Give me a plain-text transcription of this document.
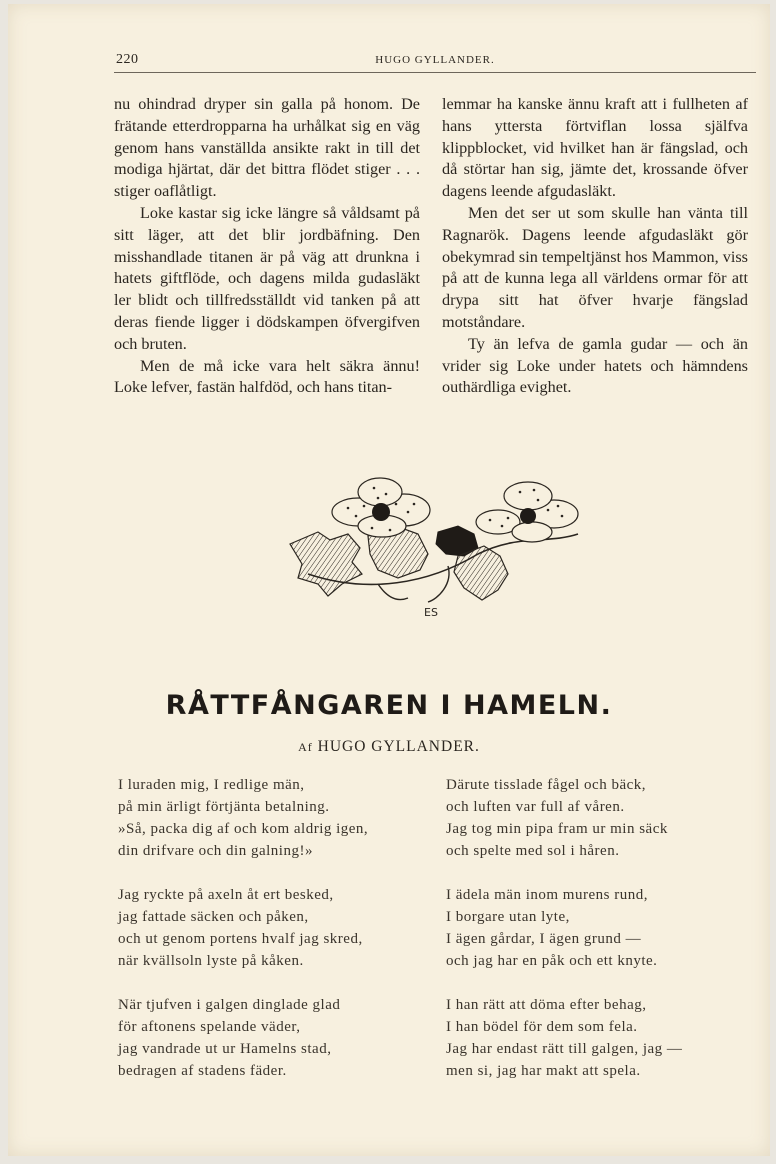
220	HUGO GYLLANDER.

nu ohindrad dryper sin galla på honom. De frätande etterdropparna ha urhålkat sig en väg genom hans vanställda ansikte rakt in till det modiga hjärtat, där det bittra flödet stiger . . . stiger oaflåtligt.

Loke kastar sig icke längre så våldsamt på sitt läger, att det blir jordbäfning. Den misshandlade titanen är på väg att drunkna i hatets giftflöde, och dagens milda gudasläkt ler blidt och tillfredsställdt vid tanken på att deras fiende ligger i dödskampen öfvergifven och bruten.

Men de må icke vara helt säkra ännu! Loke lefver, fastän halfdöd, och hans titan-

lemmar ha kanske ännu kraft att i fullheten af hans yttersta förtviflan lossa själfva klippblocket, vid hvilket han är fängslad, och då störtar han sig, jämte det, krossande öfver dagens leende afgudasläkt.

Men det ser ut som skulle han vänta till Ragnarök. Dagens leende afgudasläkt gör obekymrad sin tempeltjänst hos Mammon, viss på att de kunna lega all världens ormar för att drypa sitt hat öfver hvarje fängslad motståndare.

Ty än lefva de gamla gudar — och än vrider sig Loke under hatets och hämndens outhärdliga evighet.

ES
RÅTTFÅNGAREN I HAMELN.
Af HUGO GYLLANDER.
I luraden mig, I redlige män,
på min ärligt förtjänta betalning.
»Så, packa dig af och kom aldrig igen,
din drifvare och din galning!»
Jag ryckte på axeln åt ert besked,
jag fattade säcken och påken,
och ut genom portens hvalf jag skred,
när kvällsoln lyste på kåken.
När tjufven i galgen dinglade glad
för aftonens spelande väder,
jag vandrade ut ur Hamelns stad,
bedragen af stadens fäder.
Därute tisslade fågel och bäck,
och luften var full af våren.
Jag tog min pipa fram ur min säck
och spelte med sol i håren.
I ädela män inom murens rund,
I borgare utan lyte,
I ägen gårdar, I ägen grund —
och jag har en påk och ett knyte.
I han rätt att döma efter behag,
I han bödel för dem som fela.
Jag har endast rätt till galgen, jag —
men si, jag har makt att spela.
